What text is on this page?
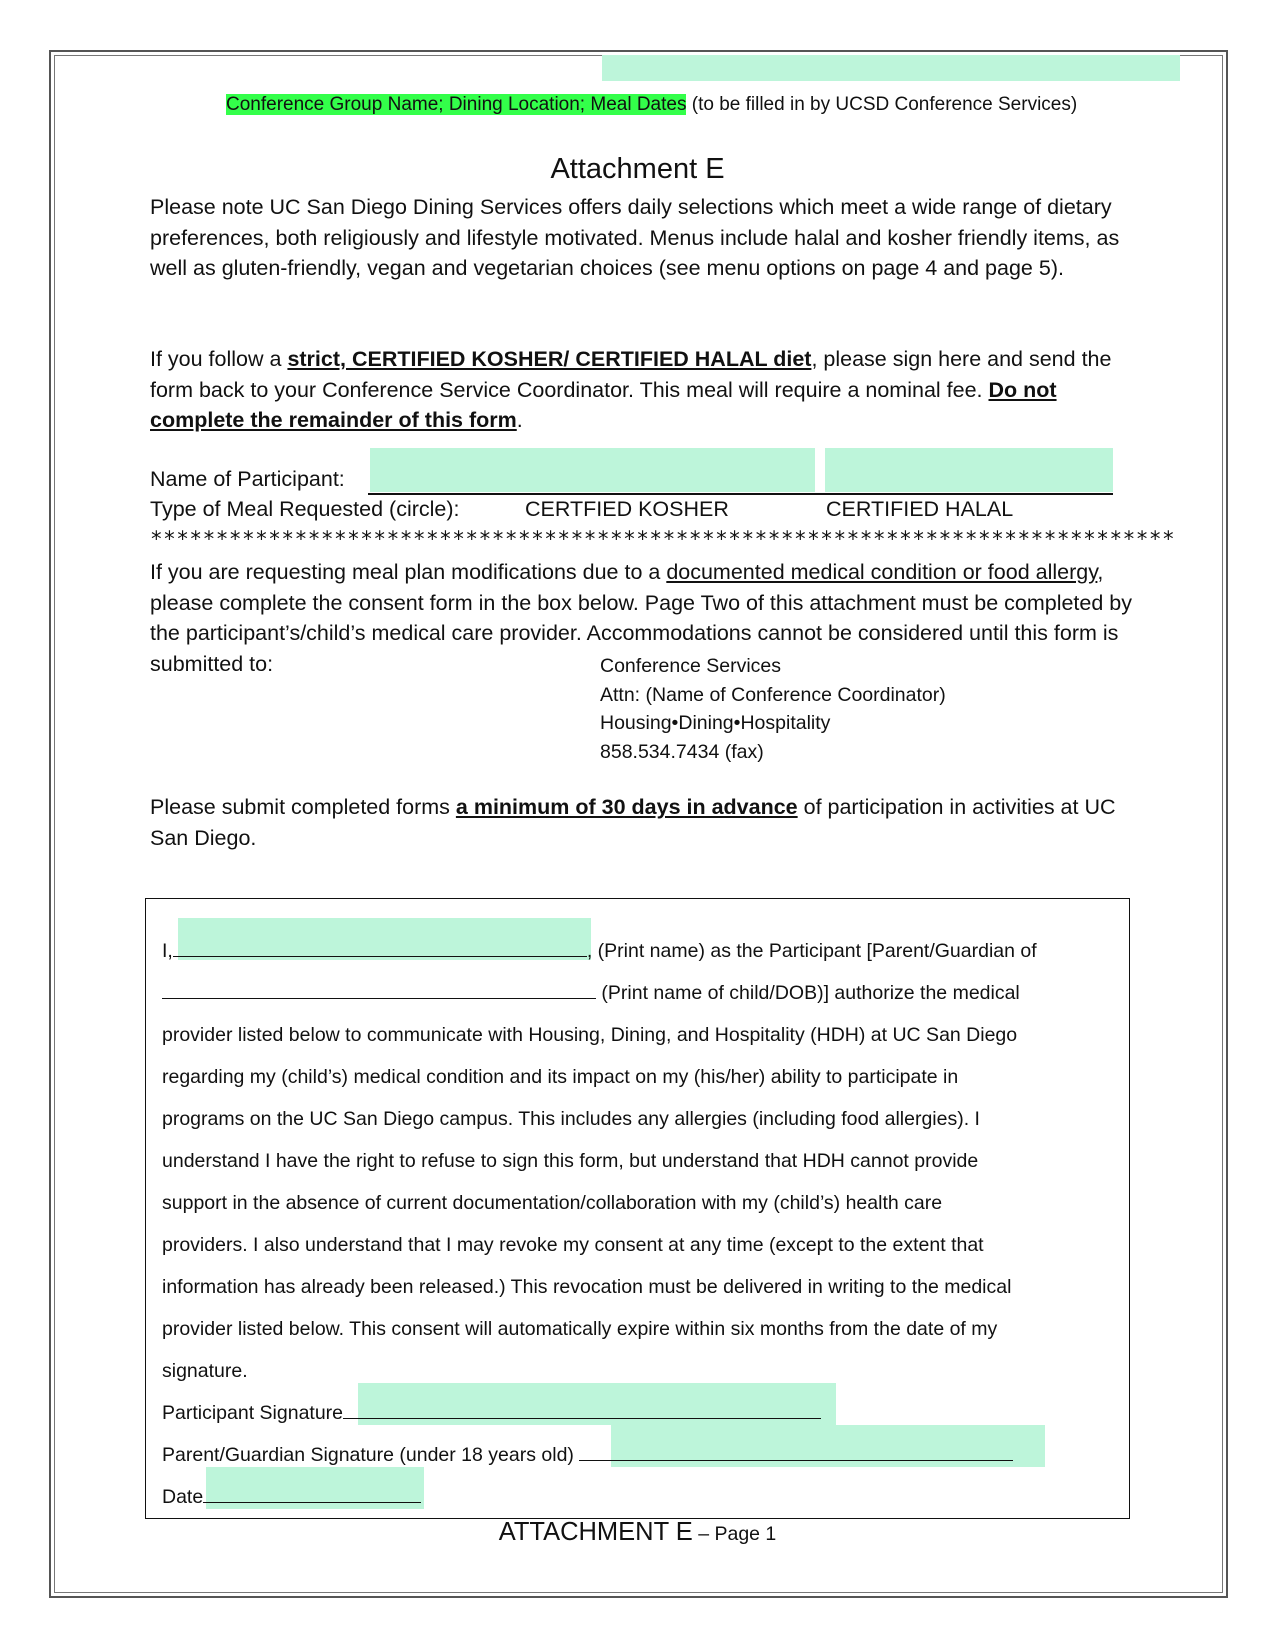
Conference Group Name; Dining Location; Meal Dates (to be filled in by UCSD Conference Services)
Attachment E
Please note UC San Diego Dining Services offers daily selections which meet a wide range of dietary preferences, both religiously and lifestyle motivated. Menus include halal and kosher friendly items, as well as gluten-friendly, vegan and vegetarian choices (see menu options on page 4 and page 5).
If you follow a strict, CERTIFIED KOSHER/ CERTIFIED HALAL diet, please sign here and send the form back to your Conference Service Coordinator. This meal will require a nominal fee. Do not complete the remainder of this form.
Name of Participant:
Type of Meal Requested (circle):	CERTFIED KOSHER	CERTIFIED HALAL
******************************************************************************
If you are requesting meal plan modifications due to a documented medical condition or food allergy, please complete the consent form in the box below. Page Two of this attachment must be completed by the participant’s/child’s medical care provider. Accommodations cannot be considered until this form is submitted to:	Conference Services
Attn: (Name of Conference Coordinator)
Housing•Dining•Hospitality
858.534.7434 (fax)
Please submit completed forms a minimum of 30 days in advance of participation in activities at UC San Diego.
I,	, (Print name) as the Participant [Parent/Guardian of
(Print name of child/DOB)] authorize the medical
provider listed below to communicate with Housing, Dining, and Hospitality (HDH) at UC San Diego
regarding my (child’s) medical condition and its impact on my (his/her) ability to participate in
programs on the UC San Diego campus. This includes any allergies (including food allergies). I
understand I have the right to refuse to sign this form, but understand that HDH cannot provide
support in the absence of current documentation/collaboration with my (child’s) health care
providers. I also understand that I may revoke my consent at any time (except to the extent that
information has already been released.) This revocation must be delivered in writing to the medical
provider listed below. This consent will automatically expire within six months from the date of my
signature.
Participant Signature
Parent/Guardian Signature (under 18 years old)
Date
ATTACHMENT E – Page 1
